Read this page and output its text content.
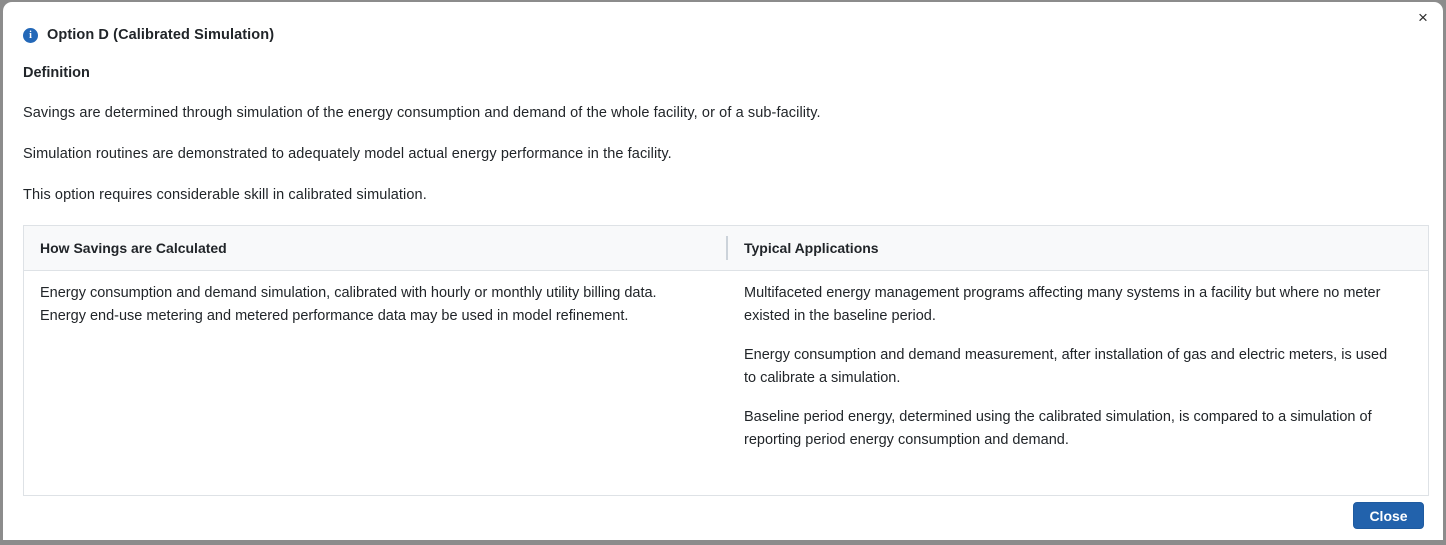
×
i	Option D (Calibrated Simulation)
Definition

Savings are determined through simulation of the energy consumption and demand of the whole facility, or of a sub-facility.

Simulation routines are demonstrated to adequately model actual energy performance in the facility.

This option requires considerable skill in calibrated simulation.

How Savings are Calculated	Typical Applications
Energy consumption and demand simulation, calibrated with hourly or monthly utility billing data.
Energy end-use metering and metered performance data may be used in model refinement.

Multifaceted energy management programs affecting many systems in a facility but where no meter existed in the baseline period.

Energy consumption and demand measurement, after installation of gas and electric meters, is used to calibrate a simulation.

Baseline period energy, determined using the calibrated simulation, is compared to a simulation of reporting period energy consumption and demand.

Close
